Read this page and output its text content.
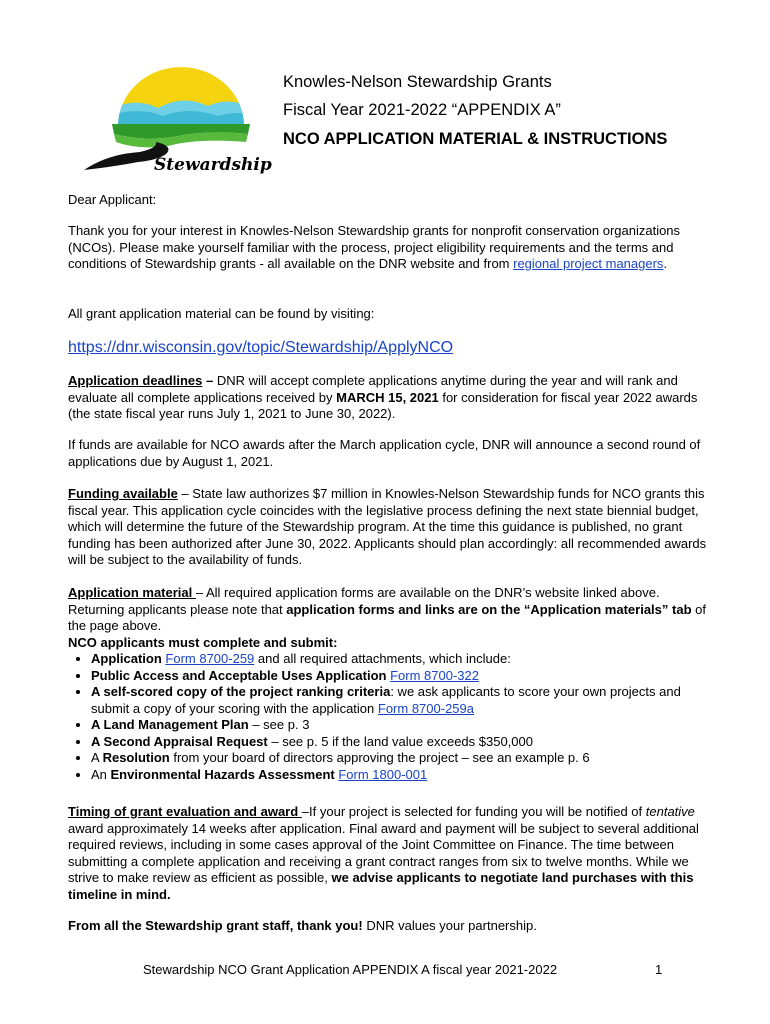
Stewardship
Knowles-Nelson Stewardship Grants
Fiscal Year 2021-2022 “APPENDIX A”
NCO APPLICATION MATERIAL & INSTRUCTIONS
Dear Applicant:

Thank you for your interest in Knowles-Nelson Stewardship grants for nonprofit conservation organizations (NCOs). Please make yourself familiar with the process, project eligibility requirements and the terms and conditions of Stewardship grants - all available on the DNR website and from regional project managers.

All grant application material can be found by visiting:
https://dnr.wisconsin.gov/topic/Stewardship/ApplyNCO

Application deadlines – DNR will accept complete applications anytime during the year and will rank and evaluate all complete applications received by MARCH 15, 2021 for consideration for fiscal year 2022 awards (the state fiscal year runs July 1, 2021 to June 30, 2022).

If funds are available for NCO awards after the March application cycle, DNR will announce a second round of applications due by August 1, 2021.

Funding available – State law authorizes $7 million in Knowles-Nelson Stewardship funds for NCO grants this fiscal year. This application cycle coincides with the legislative process defining the next state biennial budget, which will determine the future of the Stewardship program. At the time this guidance is published, no grant funding has been authorized after June 30, 2022. Applicants should plan accordingly: all recommended awards will be subject to the availability of funds.

Application material – All required application forms are available on the DNR’s website linked above. Returning applicants please note that application forms and links are on the “Application materials” tab of the page above.

NCO applicants must complete and submit:

• Application Form 8700-259 and all required attachments, which include:
• Public Access and Acceptable Uses Application Form 8700-322
• A self-scored copy of the project ranking criteria: we ask applicants to score your own projects and submit a copy of your scoring with the application Form 8700-259a
• A Land Management Plan – see p. 3
• A Second Appraisal Request – see p. 5 if the land value exceeds $350,000
• A Resolution from your board of directors approving the project – see an example p. 6
• An Environmental Hazards Assessment Form 1800-001

Timing of grant evaluation and award –If your project is selected for funding you will be notified of tentative award approximately 14 weeks after application. Final award and payment will be subject to several additional required reviews, including in some cases approval of the Joint Committee on Finance. The time between submitting a complete application and receiving a grant contract ranges from six to twelve months. While we strive to make review as efficient as possible, we advise applicants to negotiate land purchases with this timeline in mind.

From all the Stewardship grant staff, thank you! DNR values your partnership.

Stewardship NCO Grant Application APPENDIX A fiscal year 2021-2022	1
